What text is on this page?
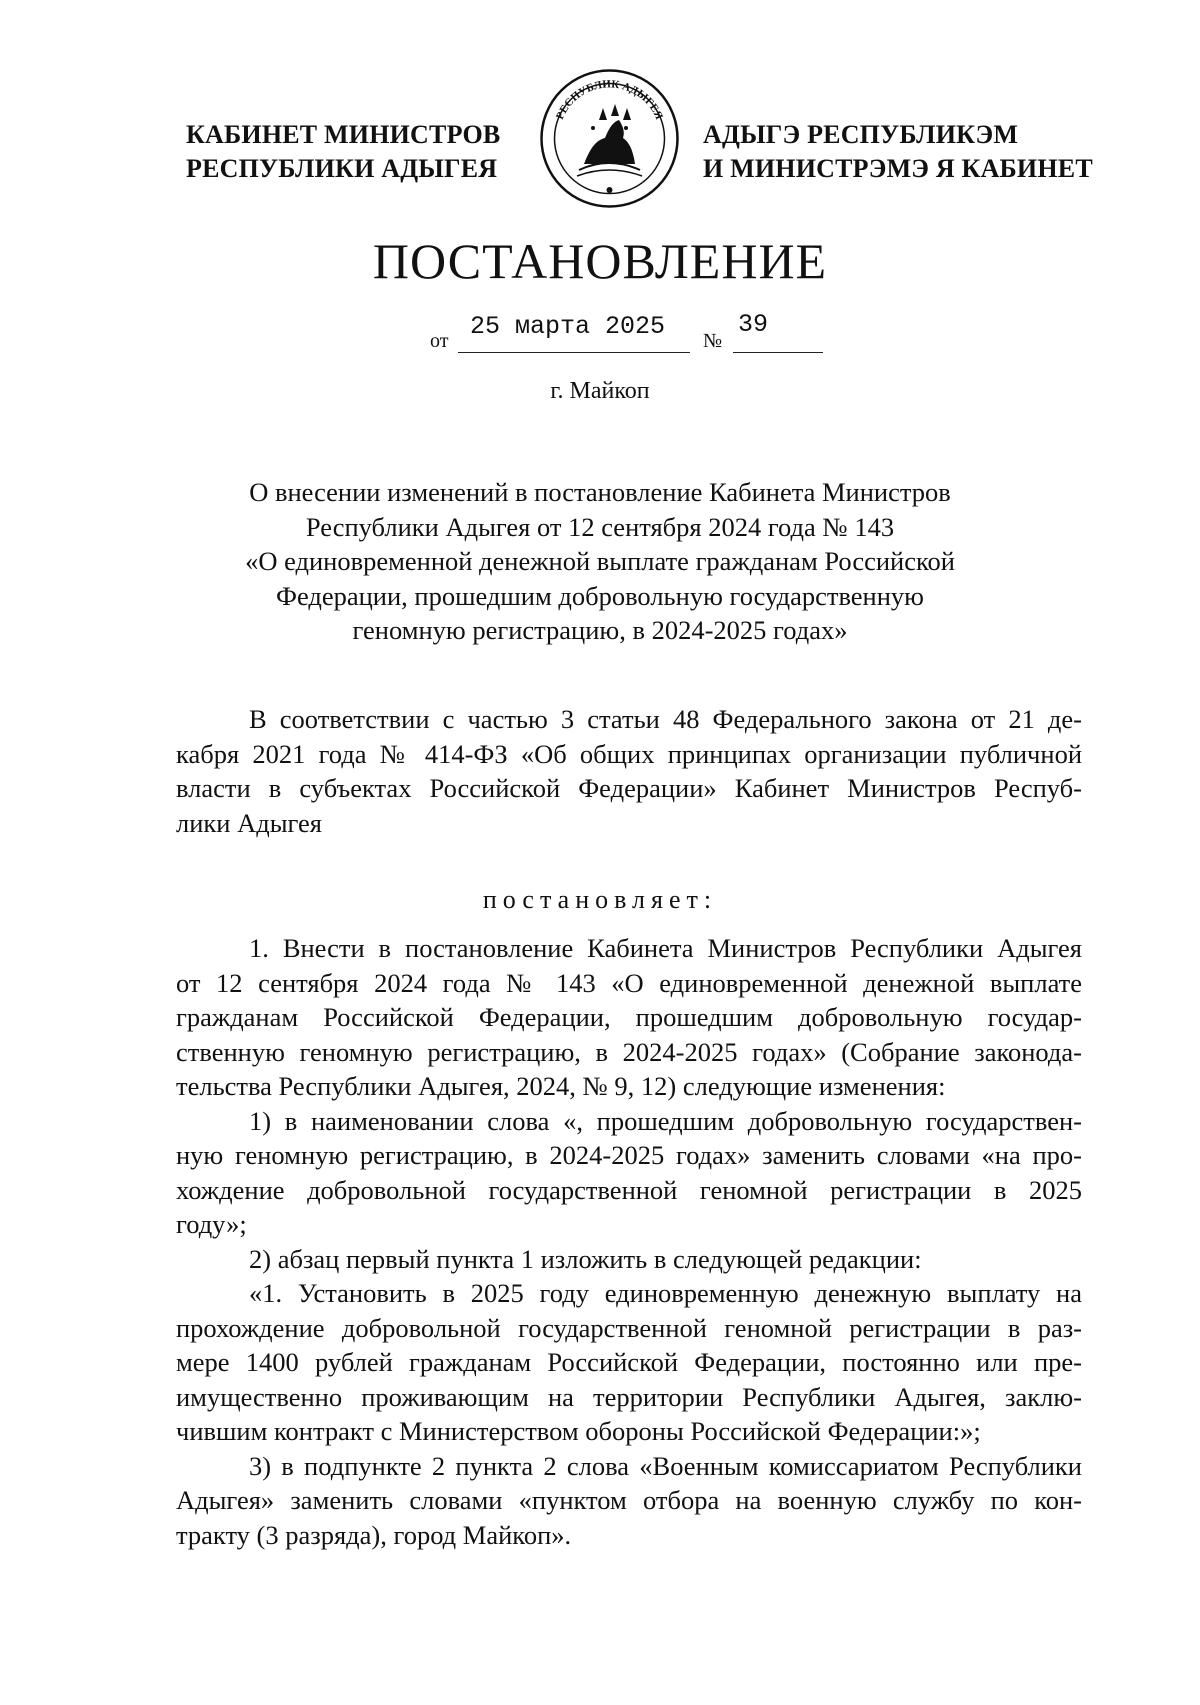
КАБИНЕТ МИНИСТРОВ
РЕСПУБЛИКИ АДЫГЕЯ
РЕСПУБЛИК АДЫГЕЯ
АДЫГЭ РЕСПУБЛИКЭМ
И МИНИСТРЭМЭ Я КАБИНЕТ
ПОСТАНОВЛЕНИЕ
от 25 марта 2025 №
39
г. Майкоп
О внесении изменений в постановление Кабинета Министров
Республики Адыгея от 12 сентября 2024 года № 143
«О единовременной денежной выплате гражданам Российской
Федерации, прошедшим добровольную государственную
геномную регистрацию, в 2024-2025 годах»
В соответствии с частью 3 статьи 48 Федерального закона от 21 де-
кабря 2021 года № 414-ФЗ «Об общих принципах организации публичной
власти в субъектах Российской Федерации» Кабинет Министров Респуб-
лики Адыгея
постановляет:
1. Внести в постановление Кабинета Министров Республики Адыгея
от 12 сентября 2024 года № 143 «О единовременной денежной выплате
гражданам Российской Федерации, прошедшим добровольную государ-
ственную геномную регистрацию, в 2024-2025 годах» (Собрание законода-
тельства Республики Адыгея, 2024, № 9, 12) следующие изменения:
1) в наименовании слова «, прошедшим добровольную государствен-
ную геномную регистрацию, в 2024-2025 годах» заменить словами «на про-
хождение добровольной государственной геномной регистрации в 2025
году»;
2) абзац первый пункта 1 изложить в следующей редакции:
«1. Установить в 2025 году единовременную денежную выплату на
прохождение добровольной государственной геномной регистрации в раз-
мере 1400 рублей гражданам Российской Федерации, постоянно или пре-
имущественно проживающим на территории Республики Адыгея, заклю-
чившим контракт с Министерством обороны Российской Федерации:»;
3) в подпункте 2 пункта 2 слова «Военным комиссариатом Республики
Адыгея» заменить словами «пунктом отбора на военную службу по кон-
тракту (3 разряда), город Майкоп».
